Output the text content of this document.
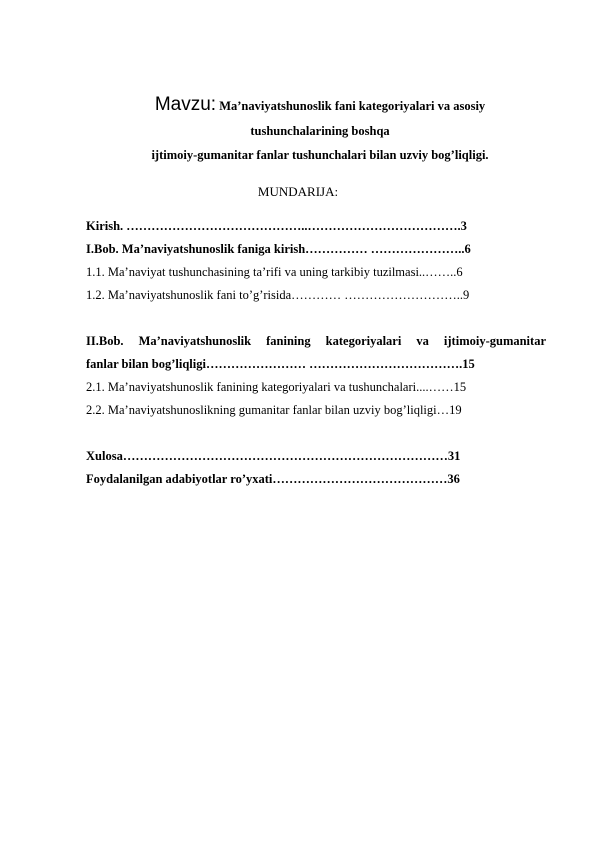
Mavzu: Ma’naviyatshunoslik fani kategoriyalari va asosiy
tushunchalarining boshqa
ijtimoiy-gumanitar fanlar tushunchalari bilan uzviy bog’liqligi.
MUNDARIJA:
Kirish. ……………………………………..……………………………….3
I.Bob. Ma’naviyatshunoslik faniga kirish…………… …………………..6
1.1. Ma’naviyat tushunchasining ta’rifi va uning tarkibiy tuzilmasi..……..6
1.2. Ma’naviyatshunoslik fani to’g’risida………… ………………………..9
II.Bob. Ma’naviyatshunoslik fanining kategoriyalari va ijtimoiy-gumanitar
fanlar bilan bog’liqligi…………………… ……………………………….15
2.1. Ma’naviyatshunoslik fanining kategoriyalari va tushunchalari....……15
2.2. Ma’naviyatshunoslikning gumanitar fanlar bilan uzviy bog’liqligi…19
Xulosa……………………………………………………………………31
Foydalanilgan adabiyotlar ro’yxati……………………………………36
